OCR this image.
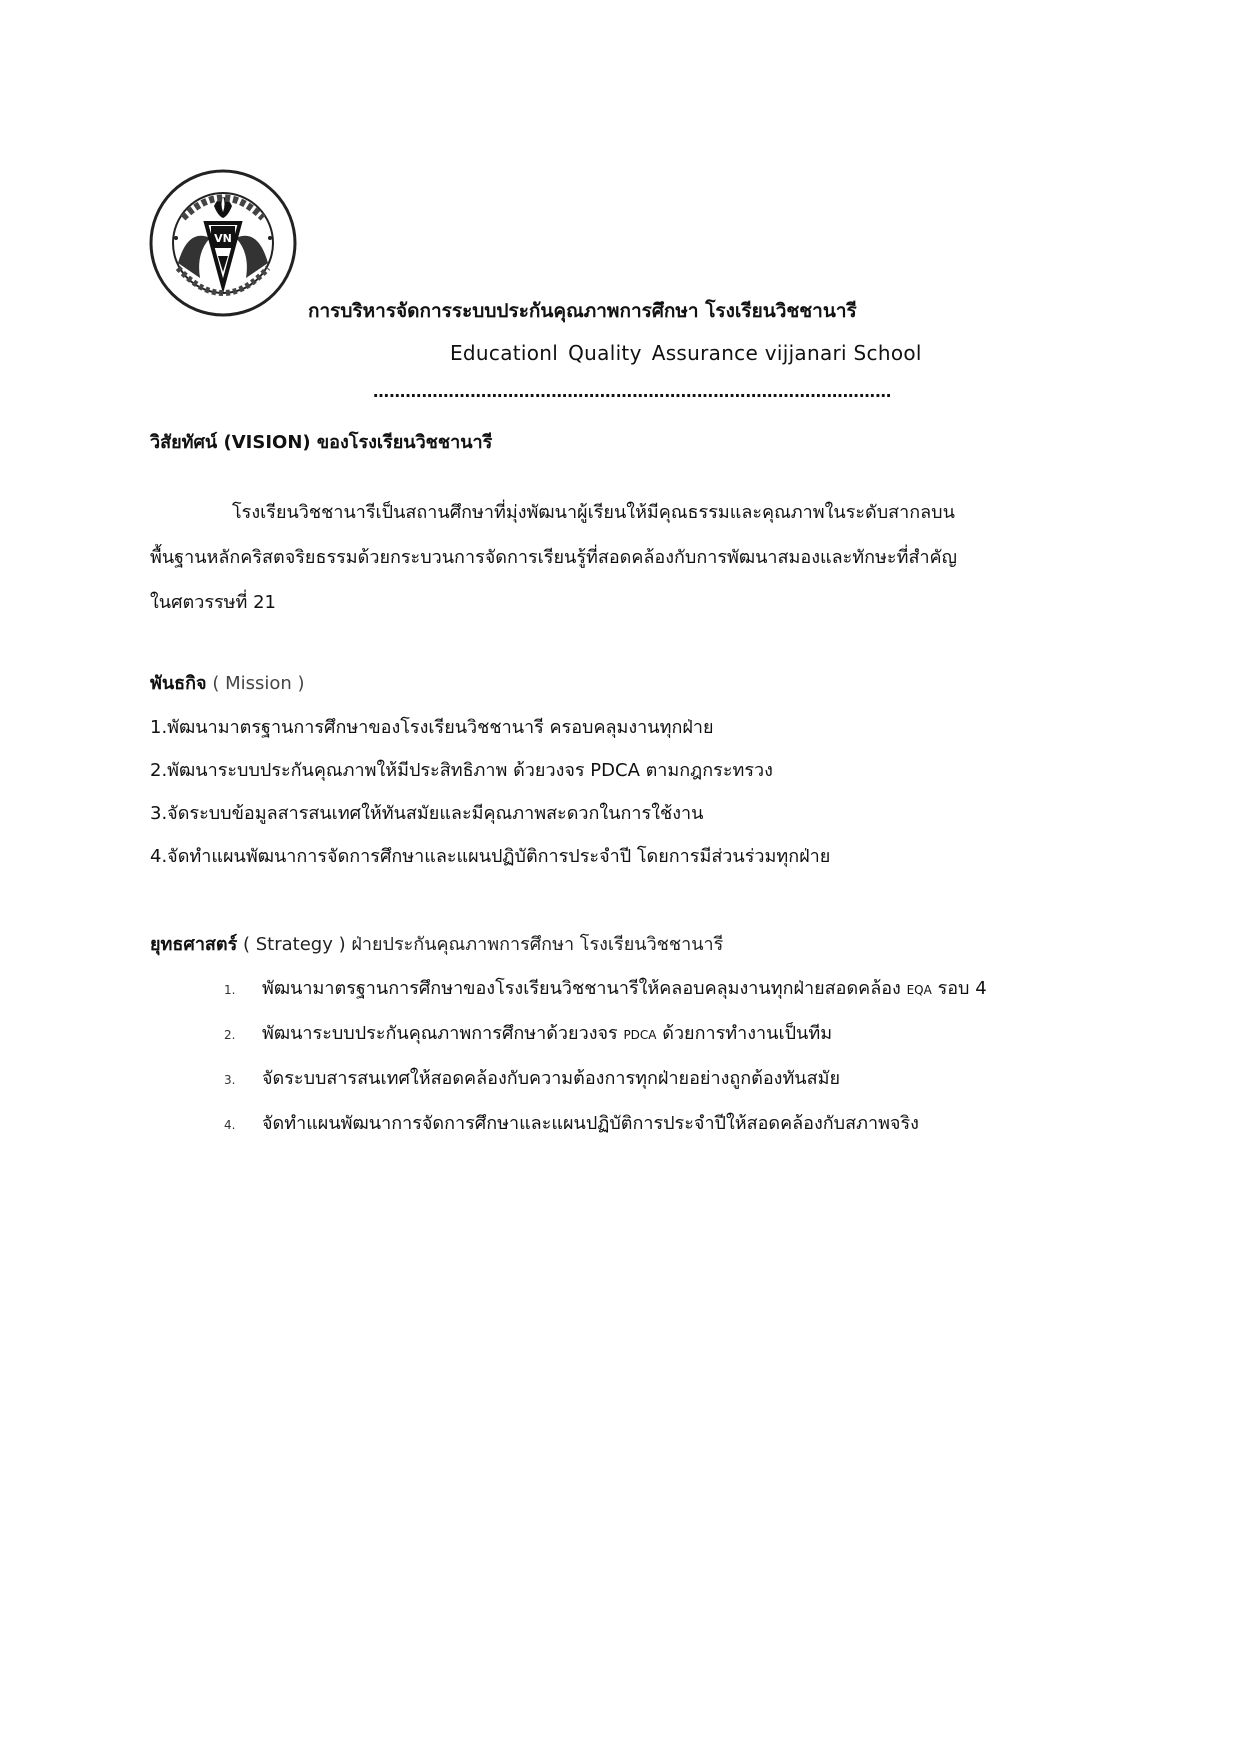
VN
การบริหารจัดการระบบประกันคุณภาพการศึกษา โรงเรียนวิชชานารี
Educationl Quality Assurance vijjanari School
……………………………………………………………………………………
วิสัยทัศน์ (VISION) ของโรงเรียนวิชชานารี
โรงเรียนวิชชานารีเป็นสถานศึกษาที่มุ่งพัฒนาผู้เรียนให้มีคุณธรรมและคุณภาพในระดับสากลบน
พื้นฐานหลักคริสตจริยธรรมด้วยกระบวนการจัดการเรียนรู้ที่สอดคล้องกับการพัฒนาสมองและทักษะที่สำคัญ
ในศตวรรษที่ 21
พันธกิจ ( Mission )
1.พัฒนามาตรฐานการศึกษาของโรงเรียนวิชชานารี ครอบคลุมงานทุกฝ่าย
2.พัฒนาระบบประกันคุณภาพให้มีประสิทธิภาพ ด้วยวงจร PDCA ตามกฎกระทรวง
3.จัดระบบข้อมูลสารสนเทศให้ทันสมัยและมีคุณภาพสะดวกในการใช้งาน
4.จัดทำแผนพัฒนาการจัดการศึกษาและแผนปฏิบัติการประจำปี โดยการมีส่วนร่วมทุกฝ่าย
ยุทธศาสตร์ ( Strategy ) ฝ่ายประกันคุณภาพการศึกษา โรงเรียนวิชชานารี
1. พัฒนามาตรฐานการศึกษาของโรงเรียนวิชชานารีให้คลอบคลุมงานทุกฝ่ายสอดคล้อง EQA รอบ 4
2. พัฒนาระบบประกันคุณภาพการศึกษาด้วยวงจร PDCA ด้วยการทำงานเป็นทีม
3. จัดระบบสารสนเทศให้สอดคล้องกับความต้องการทุกฝ่ายอย่างถูกต้องทันสมัย
4. จัดทำแผนพัฒนาการจัดการศึกษาและแผนปฏิบัติการประจำปีให้สอดคล้องกับสภาพจริง
